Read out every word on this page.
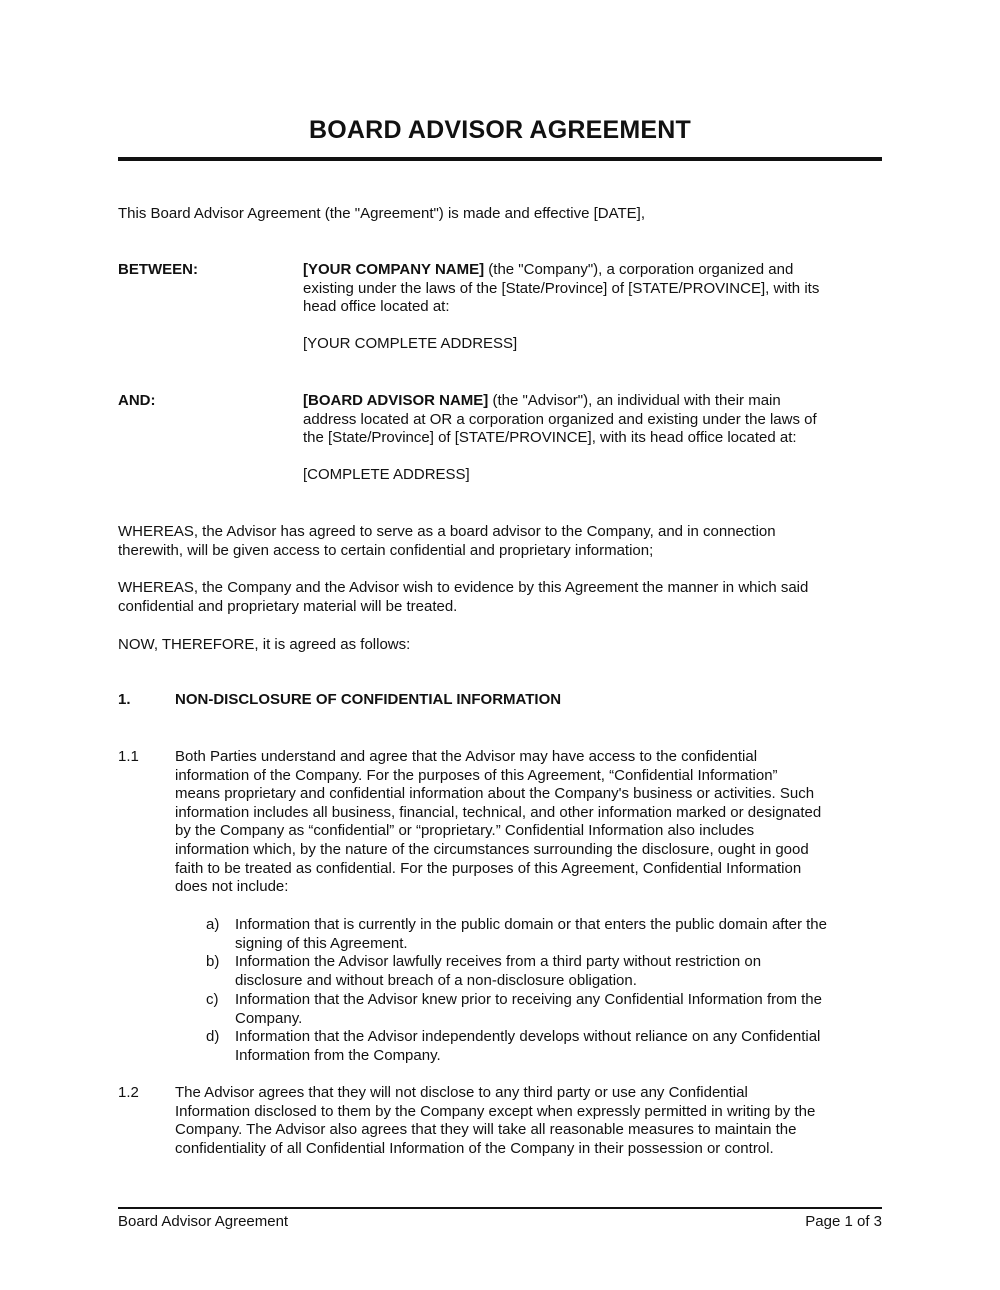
BOARD ADVISOR AGREEMENT
This Board Advisor Agreement (the "Agreement") is made and effective [DATE],
BETWEEN:	[YOUR COMPANY NAME] (the "Company"), a corporation organized and

existing under the laws of the [State/Province] of [STATE/PROVINCE], with its

head office located at:

[YOUR COMPLETE ADDRESS]

AND:	[BOARD ADVISOR NAME] (the "Advisor"), an individual with their main

address located at OR a corporation organized and existing under the laws of

the [State/Province] of [STATE/PROVINCE], with its head office located at:

[COMPLETE ADDRESS]

WHEREAS, the Advisor has agreed to serve as a board advisor to the Company, and in connection

therewith, will be given access to certain confidential and proprietary information;

WHEREAS, the Company and the Advisor wish to evidence by this Agreement the manner in which said

confidential and proprietary material will be treated.

NOW, THEREFORE, it is agreed as follows:

1.	NON-DISCLOSURE OF CONFIDENTIAL INFORMATION
1.1 Both Parties understand and agree that the Advisor may have access to the confidential

information of the Company. For the purposes of this Agreement, “Confidential Information”

means proprietary and confidential information about the Company's business or activities. Such

information includes all business, financial, technical, and other information marked or designated

by the Company as “confidential” or “proprietary.” Confidential Information also includes

information which, by the nature of the circumstances surrounding the disclosure, ought in good

faith to be treated as confidential. For the purposes of this Agreement, Confidential Information

does not include:

a) Information that is currently in the public domain or that enters the public domain after the

signing of this Agreement.

b) Information the Advisor lawfully receives from a third party without restriction on

disclosure and without breach of a non-disclosure obligation.

c) Information that the Advisor knew prior to receiving any Confidential Information from the

Company.

d) Information that the Advisor independently develops without reliance on any Confidential

Information from the Company.

1.2 The Advisor agrees that they will not disclose to any third party or use any Confidential

Information disclosed to them by the Company except when expressly permitted in writing by the

Company. The Advisor also agrees that they will take all reasonable measures to maintain the

confidentiality of all Confidential Information of the Company in their possession or control.

Board Advisor Agreement	Page 1 of 3
